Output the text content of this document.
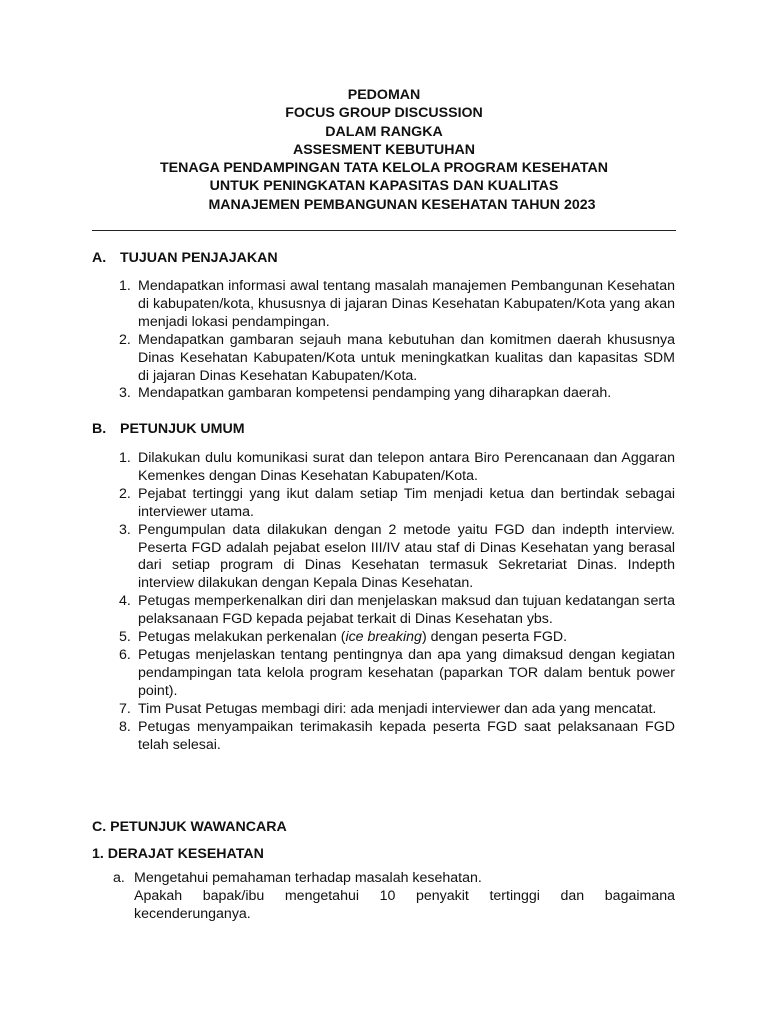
PEDOMAN
FOCUS GROUP DISCUSSION
DALAM RANGKA
ASSESMENT KEBUTUHAN
TENAGA PENDAMPINGAN TATA KELOLA PROGRAM KESEHATAN
UNTUK PENINGKATAN KAPASITAS DAN KUALITAS
MANAJEMEN PEMBANGUNAN KESEHATAN TAHUN 2023
A. TUJUAN PENJAJAKAN
1. Mendapatkan informasi awal tentang masalah manajemen Pembangunan Kesehatan di kabupaten/kota, khususnya di jajaran Dinas Kesehatan Kabupaten/Kota yang akan menjadi lokasi pendampingan.
2. Mendapatkan gambaran sejauh mana kebutuhan dan komitmen daerah khususnya Dinas Kesehatan Kabupaten/Kota untuk meningkatkan kualitas dan kapasitas SDM di jajaran Dinas Kesehatan Kabupaten/Kota.
3. Mendapatkan gambaran kompetensi pendamping yang diharapkan daerah.
B. PETUNJUK UMUM
1. Dilakukan dulu komunikasi surat dan telepon antara Biro Perencanaan dan Aggaran Kemenkes dengan Dinas Kesehatan Kabupaten/Kota.
2. Pejabat tertinggi yang ikut dalam setiap Tim menjadi ketua dan bertindak sebagai interviewer utama.
3. Pengumpulan data dilakukan dengan 2 metode yaitu FGD dan indepth interview. Peserta FGD adalah pejabat eselon III/IV atau staf di Dinas Kesehatan yang berasal dari setiap program di Dinas Kesehatan termasuk Sekretariat Dinas. Indepth interview dilakukan dengan Kepala Dinas Kesehatan.
4. Petugas memperkenalkan diri dan menjelaskan maksud dan tujuan kedatangan serta pelaksanaan FGD kepada pejabat terkait di Dinas Kesehatan ybs.
5. Petugas melakukan perkenalan (ice breaking) dengan peserta FGD.
6. Petugas menjelaskan tentang pentingnya dan apa yang dimaksud dengan kegiatan pendampingan tata kelola program kesehatan (paparkan TOR dalam bentuk power point).
7. Tim Pusat Petugas membagi diri: ada menjadi interviewer dan ada yang mencatat.
8. Petugas menyampaikan terimakasih kepada peserta FGD saat pelaksanaan FGD telah selesai.
C. PETUNJUK WAWANCARA
1. DERAJAT KESEHATAN
a. Mengetahui pemahaman terhadap masalah kesehatan.

Apakah bapak/ibu mengetahui 10 penyakit tertinggi dan bagaimana kecenderunganya.
